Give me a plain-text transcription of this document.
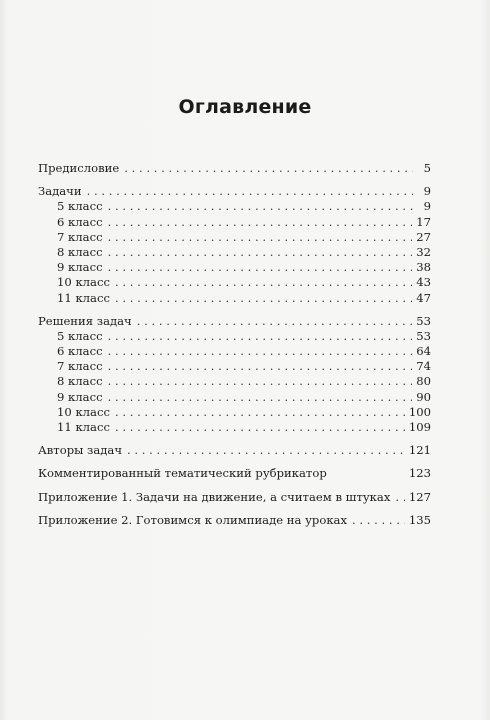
Оглавление
Предисловие . . .	5
Задачи . . .	9
5 класс . . .	9
6 класс . . .	17
7 класс . . .	27
8 класс . . .	32
9 класс . . .	38
10 класс . . .	43
11 класс . . .	47
Решения задач . . .	53
5 класс . . .	53
6 класс . . .	64
7 класс . . .	74
8 класс . . .	80
9 класс . . .	90
10 класс . . .	100
11 класс . . .	109
Авторы задач . . .	121
Комментированный тематический рубрикатор	123
Приложение 1. Задачи на движение, а считаем в штуках . . . 127
Приложение 2. Готовимся к олимпиаде на уроках . . .	135
